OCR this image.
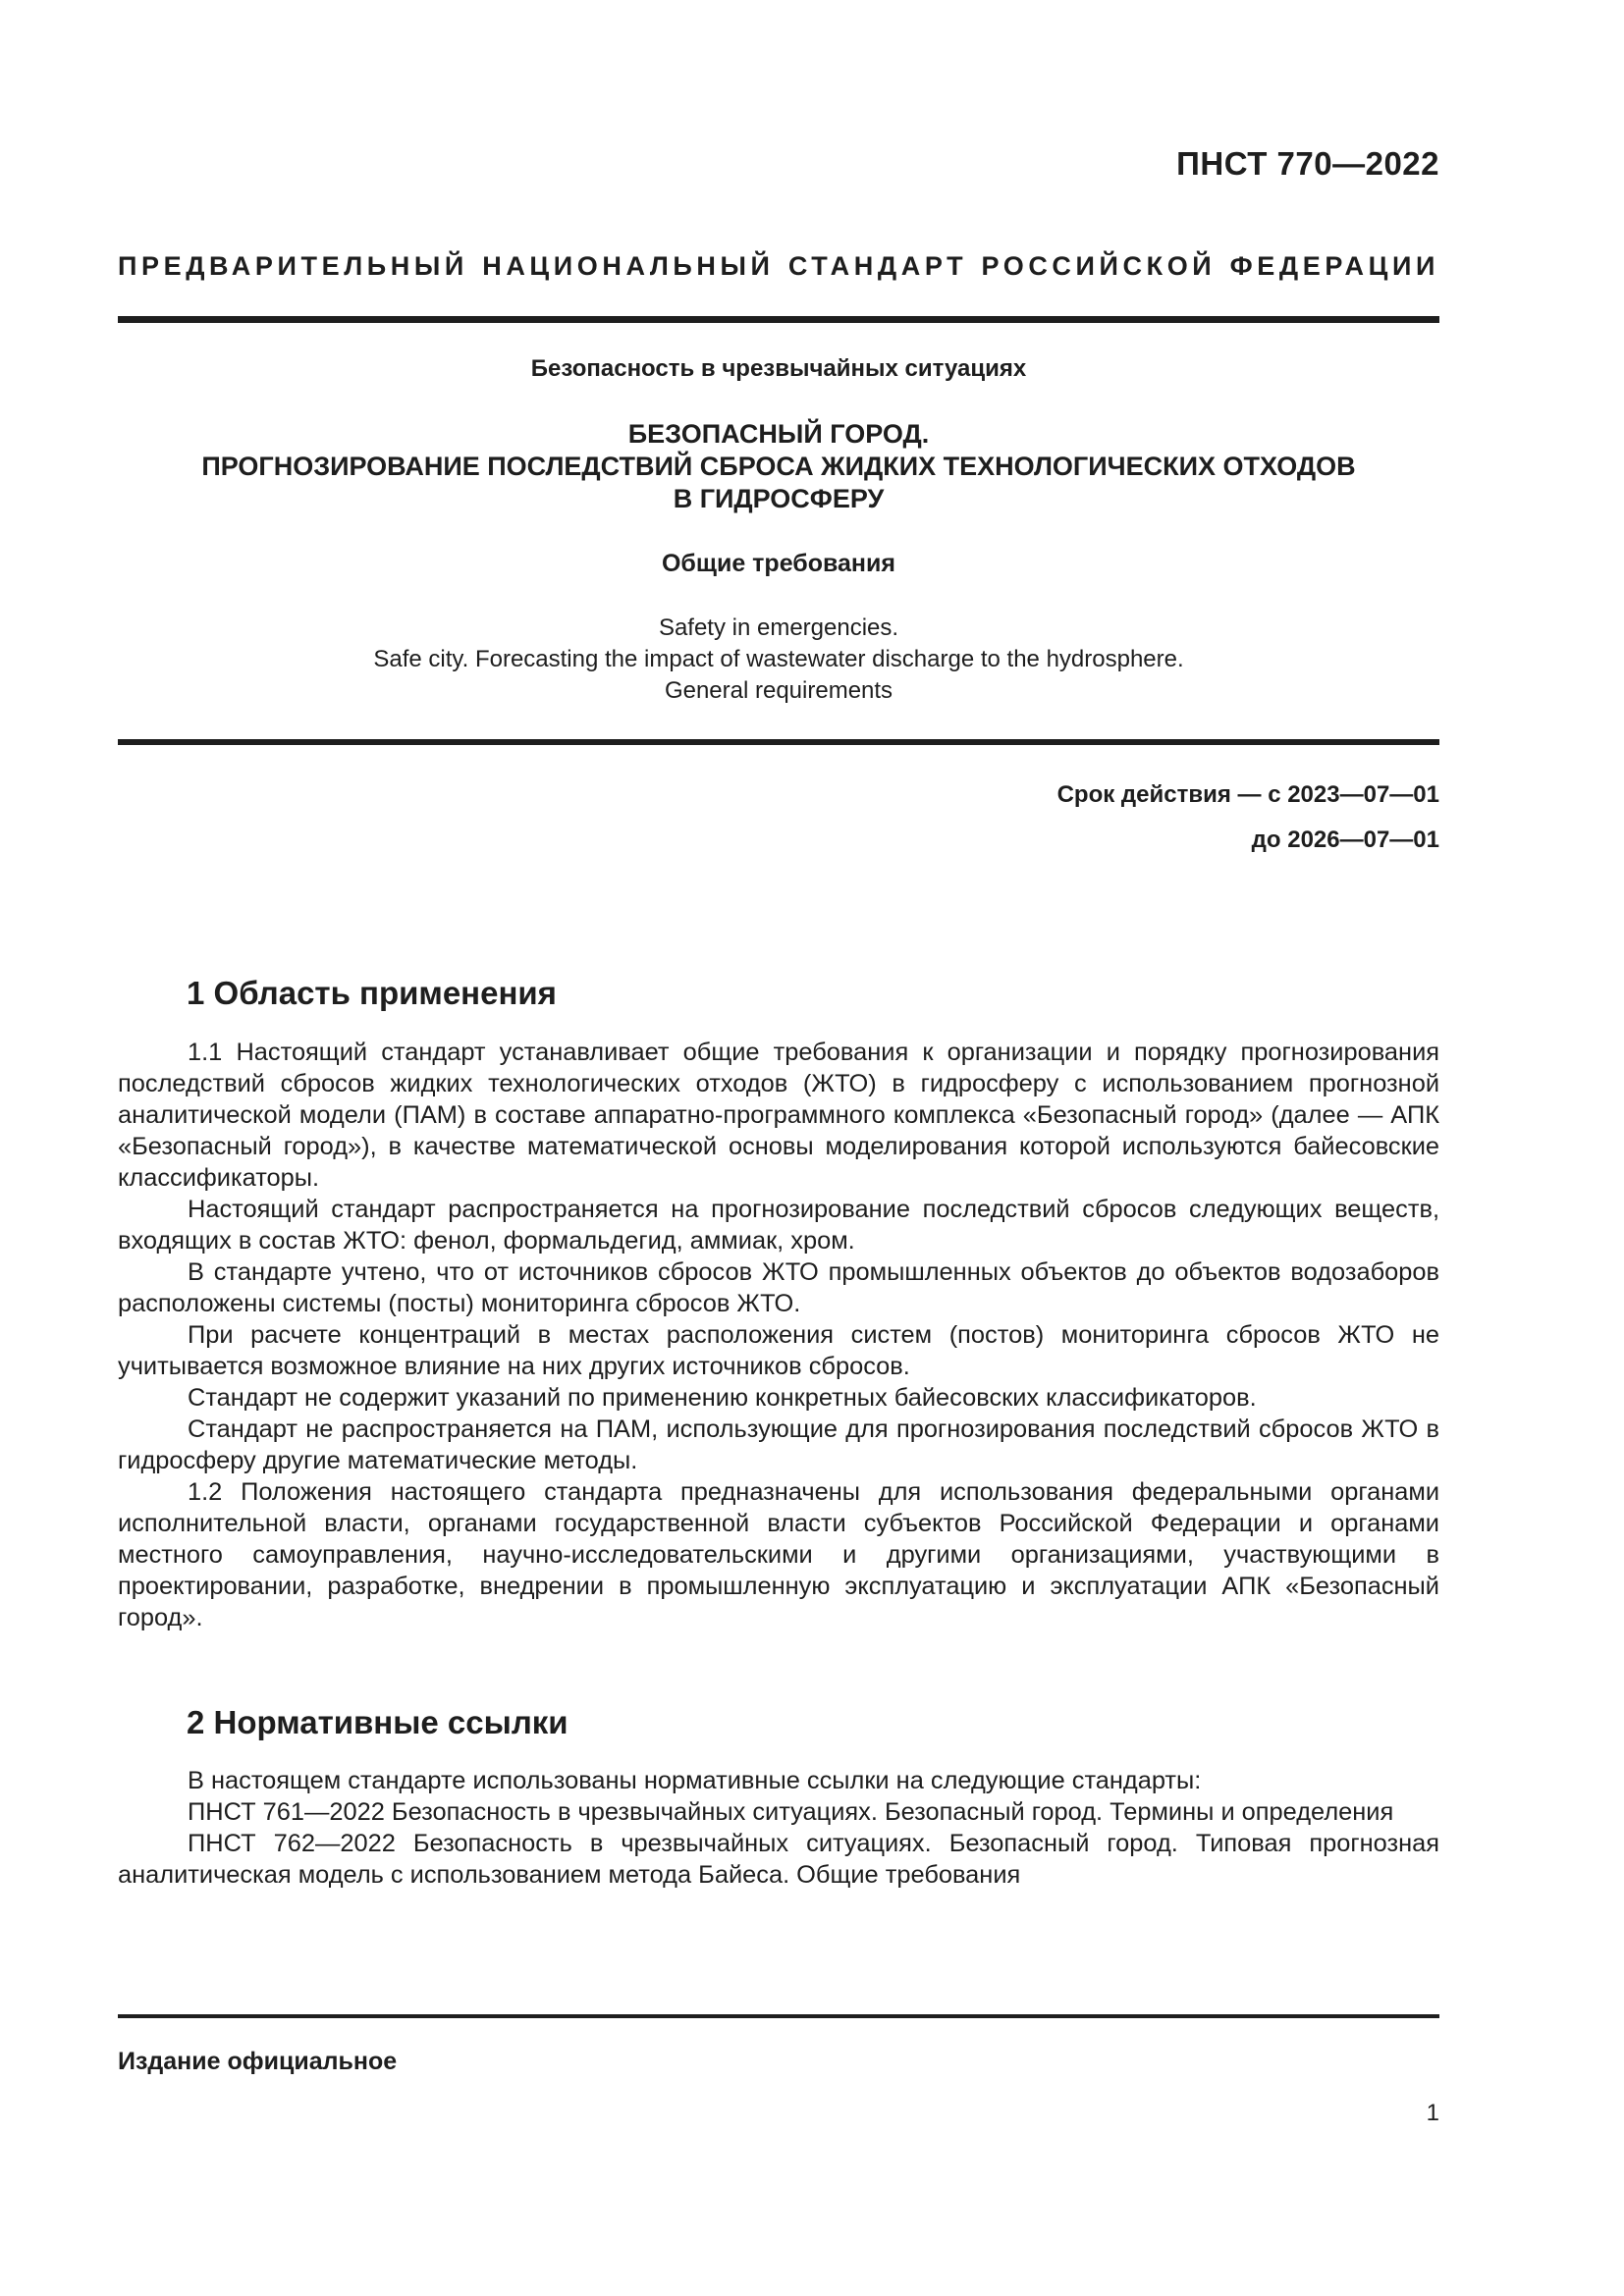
ПНСТ 770—2022
ПРЕДВАРИТЕЛЬНЫЙ НАЦИОНАЛЬНЫЙ СТАНДАРТ РОССИЙСКОЙ ФЕДЕРАЦИИ
Безопасность в чрезвычайных ситуациях
БЕЗОПАСНЫЙ ГОРОД.
ПРОГНОЗИРОВАНИЕ ПОСЛЕДСТВИЙ СБРОСА ЖИДКИХ ТЕХНОЛОГИЧЕСКИХ ОТХОДОВ
В ГИДРОСФЕРУ
Общие требования
Safety in emergencies.
Safe city. Forecasting the impact of wastewater discharge to the hydrosphere.
General requirements
Срок действия — с 2023—07—01
до 2026—07—01
1 Область применения

1.1 Настоящий стандарт устанавливает общие требования к организации и порядку прогнозирования последствий сбросов жидких технологических отходов (ЖТО) в гидросферу с использованием прогнозной аналитической модели (ПАМ) в составе аппаратно-программного комплекса «Безопасный город» (далее — АПК «Безопасный город»), в качестве математической основы моделирования которой используются байесовские классификаторы.

Настоящий стандарт распространяется на прогнозирование последствий сбросов следующих веществ, входящих в состав ЖТО: фенол, формальдегид, аммиак, хром.

В стандарте учтено, что от источников сбросов ЖТО промышленных объектов до объектов водозаборов расположены системы (посты) мониторинга сбросов ЖТО.

При расчете концентраций в местах расположения систем (постов) мониторинга сбросов ЖТО не учитывается возможное влияние на них других источников сбросов.

Стандарт не содержит указаний по применению конкретных байесовских классификаторов.

Стандарт не распространяется на ПАМ, использующие для прогнозирования последствий сбросов ЖТО в гидросферу другие математические методы.

1.2 Положения настоящего стандарта предназначены для использования федеральными органами исполнительной власти, органами государственной власти субъектов Российской Федерации и органами местного самоуправления, научно-исследовательскими и другими организациями, участвующими в проектировании, разработке, внедрении в промышленную эксплуатацию и эксплуатации АПК «Безопасный город».

2 Нормативные ссылки

В настоящем стандарте использованы нормативные ссылки на следующие стандарты:

ПНСТ 761—2022 Безопасность в чрезвычайных ситуациях. Безопасный город. Термины и определения

ПНСТ 762—2022 Безопасность в чрезвычайных ситуациях. Безопасный город. Типовая прогнозная аналитическая модель с использованием метода Байеса. Общие требования

Издание официальное
1
